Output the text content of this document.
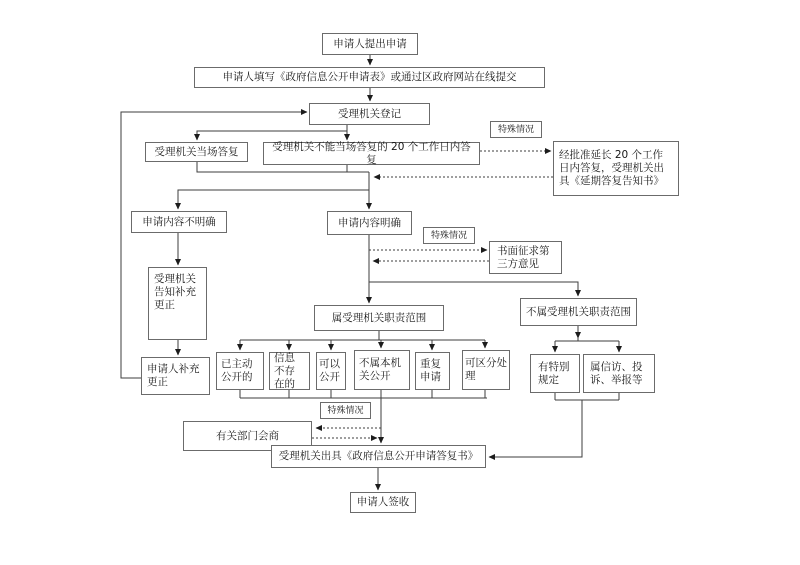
申请人提出申请
申请人填写《政府信息公开申请表》或通过区政府网站在线提交
受理机关登记
受理机关当场答复	受理机关不能当场答复的 20 个工作日内答复
特殊情况
经批准延长 20 个工作日内答复，受理机关出具《延期答复告知书》
申请内容不明确	申请内容明确
特殊情况
书面征求第三方意见
受理机关告知补充更正
申请人补充更正
属受理机关职责范围	不属受理机关职责范围
已主动公开的
信息不存在的
可以公开
不属本机关公开
重复申请
可区分处理
有特别规定
属信访、投诉、举报等
特殊情况
有关部门会商
受理机关出具《政府信息公开申请答复书》
申请人签收
